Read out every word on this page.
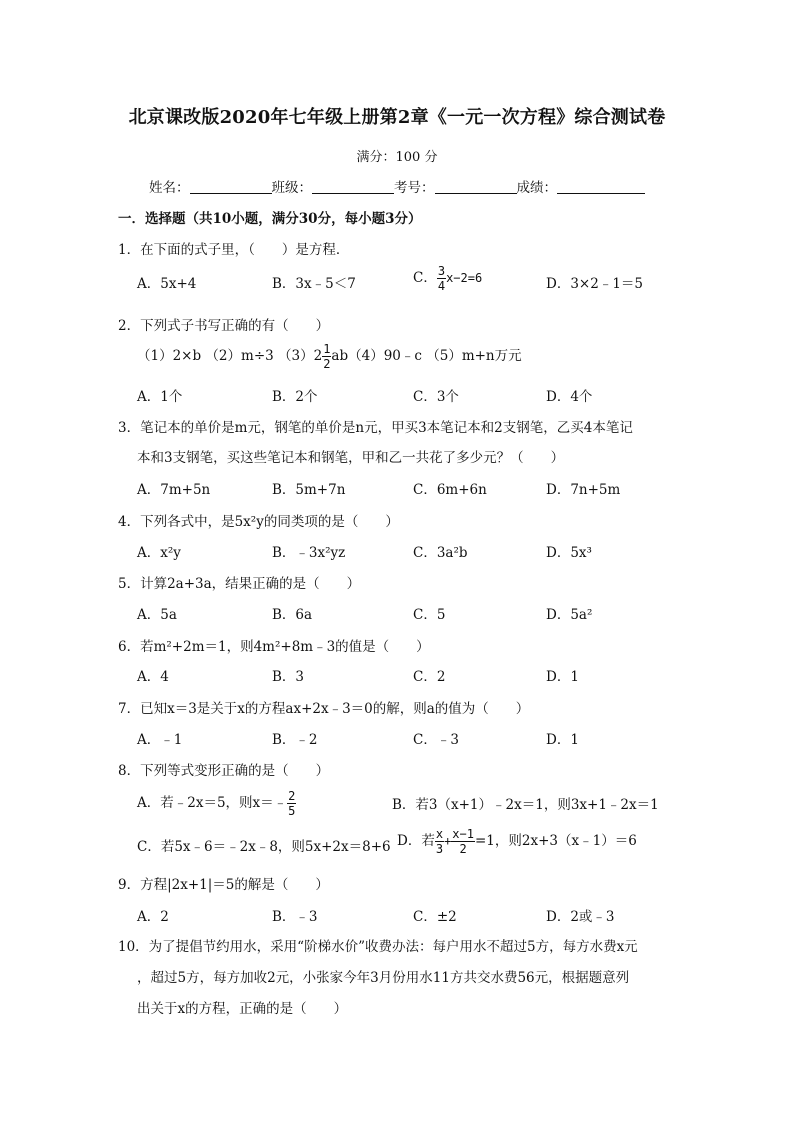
北京课改版2020年七年级上册第2章《一元一次方程》综合测试卷
满分：100 分
姓名：	班级：	考号：	成绩：
一．选择题（共10小题，满分30分，每小题3分）
1．在下面的式子里，（　　）是方程．
A．5x+4	B．3x﹣5＜7	C． $\frac{3}{4} x-2=6$	D．3×2﹣1＝5
2．下列式子书写正确的有（　　）
（1）2×b （2）m÷3 $(3)2 \frac{1}{2}$ ab（4）90﹣c （5）m+n万元
A．1个	B．2个	C．3个	D．4个
3．笔记本的单价是m元，钢笔的单价是n元，甲买3本笔记本和2支钢笔，乙买4本笔记
本和3支钢笔，买这些笔记本和钢笔，甲和乙一共花了多少元？（　　）
A．7m+5n	B．5m+7n	C．6m+6n	D．7n+5m
4．下列各式中，是5x²y的同类项的是（　　）
A．x²y	B．﹣3x²yz	C．3a²b	D．5x³
5．计算2a+3a，结果正确的是（　　）
A．5a	B．6a	C．5	D．5a²
6．若m²+2m＝1，则4m²+8m﹣3的值是（　　）
A．4	B．3	C．2	D．1
7．已知x＝3是关于x的方程ax+2x﹣3＝0的解，则a的值为（　　）
A．﹣1	B．﹣2	C．﹣3	D．1
8．下列等式变形正确的是（　　）
A．若﹣2x＝5，则x＝﹣ $\frac{2}{5}$	B．若3（x+1）﹣2x＝1，则3x+1﹣2x＝1
C．若5x﹣6＝﹣2x﹣8，则5x+2x＝8+6 D．若 $\frac{x}{3} + \frac{x-1}{2} =1$，则2x+3（x﹣1）＝6
9．方程|2x+1|＝5的解是（　　）
A．2	B．﹣3	C．±2	D．2或﹣3
10．为了提倡节约用水，采用“阶梯水价”收费办法：每户用水不超过5方，每方水费x元
，超过5方，每方加收2元，小张家今年3月份用水11方共交水费56元，根据题意列
出关于x的方程，正确的是（　　）
